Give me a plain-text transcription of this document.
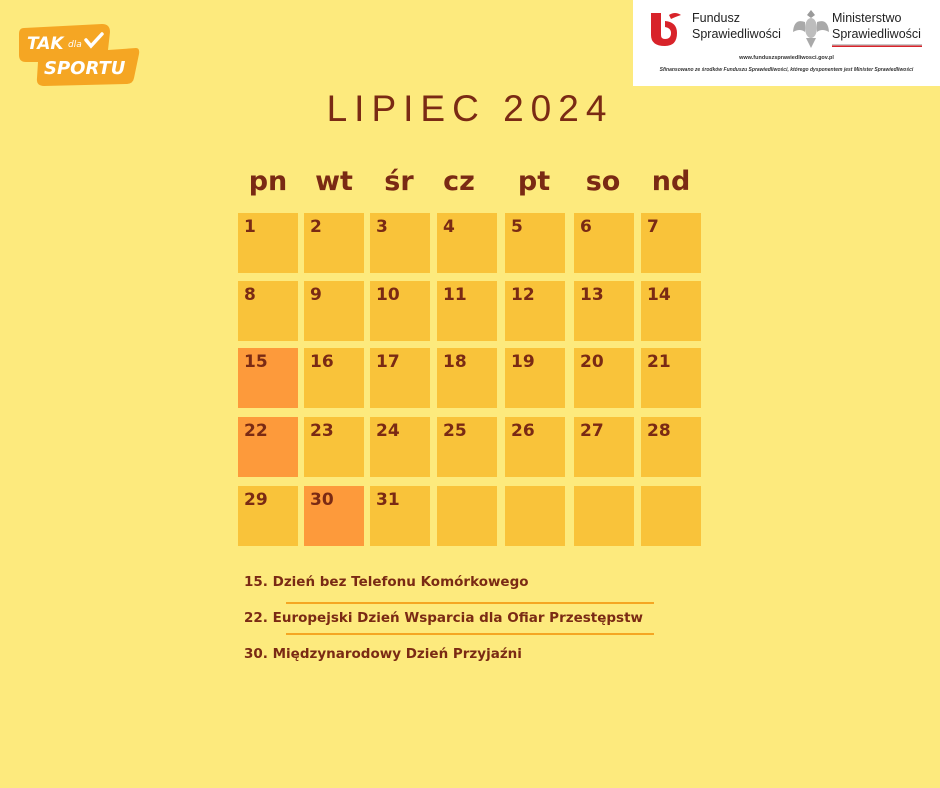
TAK dla
SPORTU
Fundusz
Sprawiedliwości
Ministerstwo
Sprawiedliwości
www.funduszsprawiedliwosci.gov.pl
Sfinansowano ze środków Funduszu Sprawiedliwości, którego dysponentem jest Minister Sprawiedliwości
LIPIEC 2024
pn	wt	śr	cz	pt	so	nd
1	2	3	4	5	6	7
8	9	10	11	12	13	14
15 16 17	18	19	20	21
22 23 24	25	26	27	28
29 30 31
15. Dzień bez Telefonu Komórkowego
22. Europejski Dzień Wsparcia dla Ofiar Przestępstw
30. Międzynarodowy Dzień Przyjaźni
